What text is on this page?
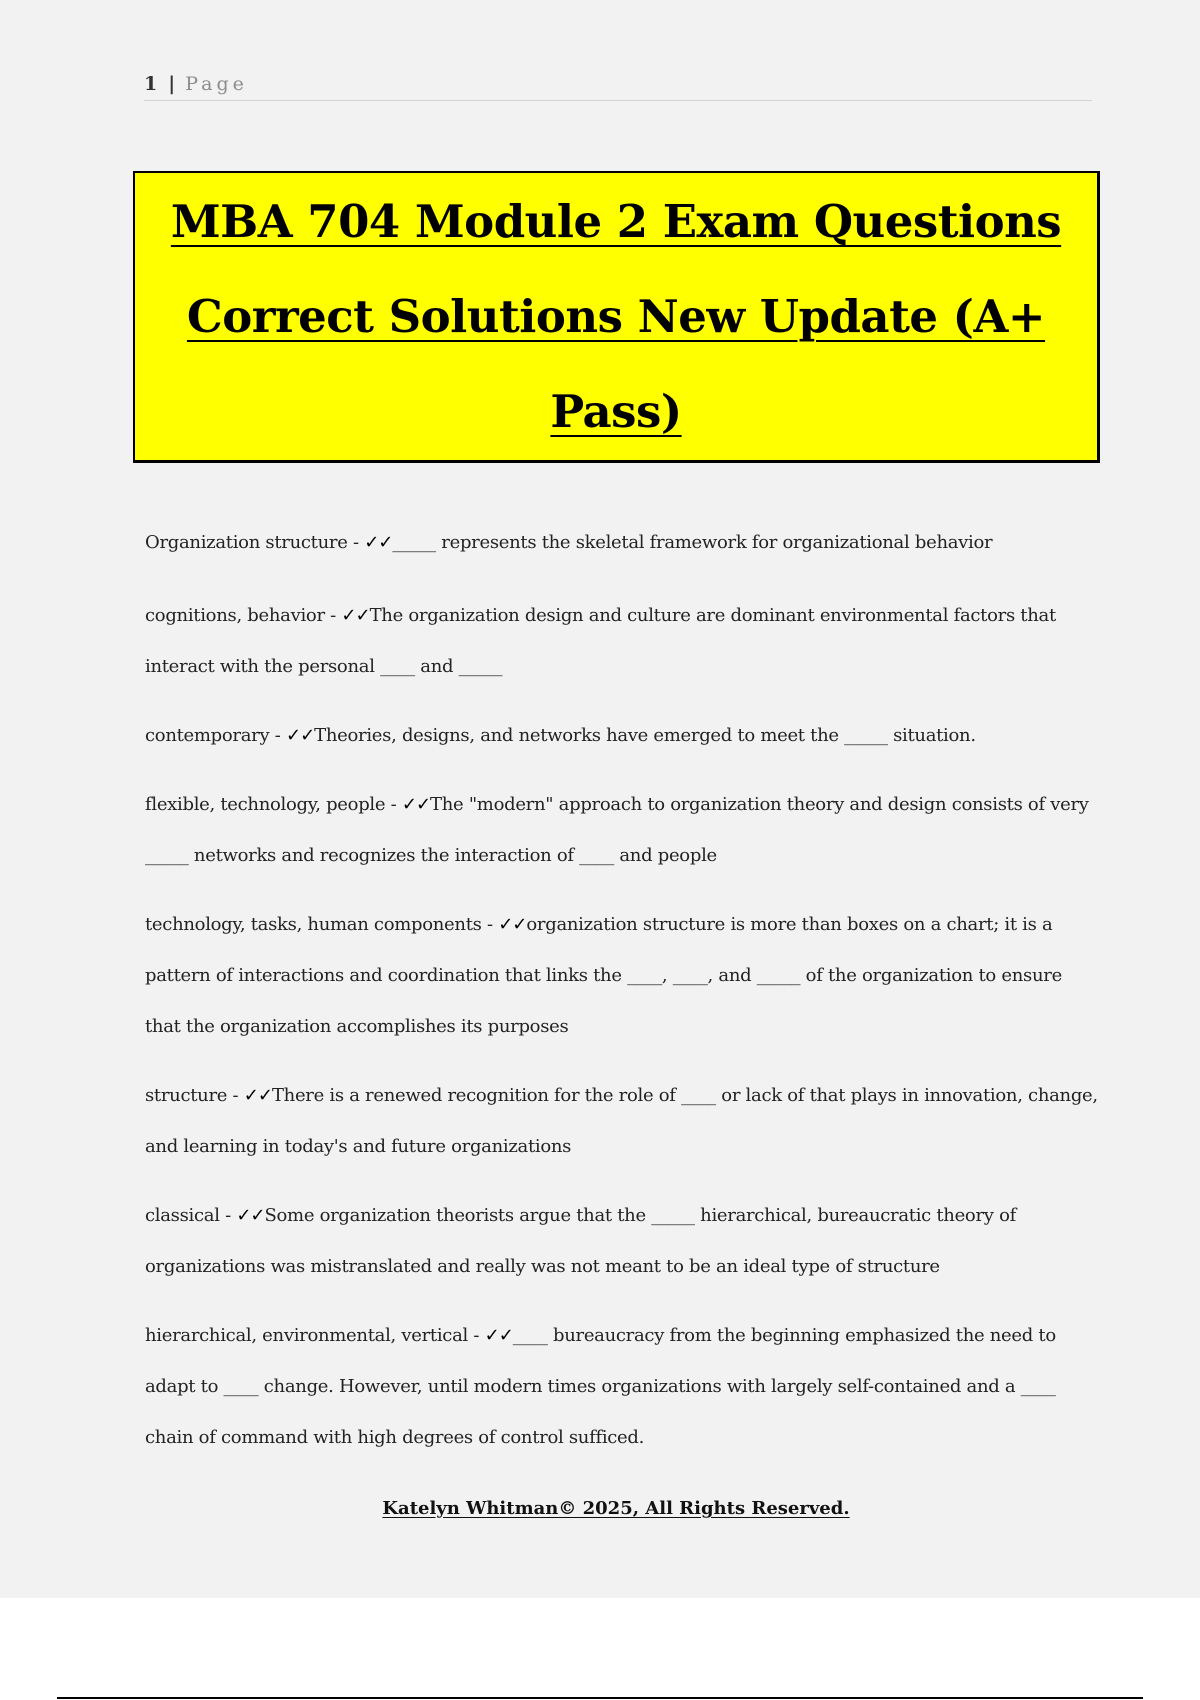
1 | Page
MBA 704 Module 2 Exam Questions Correct Solutions New Update (A+ Pass)
Organization structure - ✓✓_____ represents the skeletal framework for organizational behavior
cognitions, behavior - ✓✓The organization design and culture are dominant environmental factors that interact with the personal ____ and _____
contemporary - ✓✓Theories, designs, and networks have emerged to meet the _____ situation.
flexible, technology, people - ✓✓The "modern" approach to organization theory and design consists of very _____ networks and recognizes the interaction of ____ and people
technology, tasks, human components - ✓✓organization structure is more than boxes on a chart; it is a pattern of interactions and coordination that links the ____, ____, and _____ of the organization to ensure that the organization accomplishes its purposes
structure - ✓✓There is a renewed recognition for the role of ____ or lack of that plays in innovation, change, and learning in today's and future organizations
classical - ✓✓Some organization theorists argue that the _____ hierarchical, bureaucratic theory of organizations was mistranslated and really was not meant to be an ideal type of structure
hierarchical, environmental, vertical - ✓✓____ bureaucracy from the beginning emphasized the need to adapt to ____ change. However, until modern times organizations with largely self-contained and a ____ chain of command with high degrees of control sufficed.
Katelyn Whitman© 2025, All Rights Reserved.
